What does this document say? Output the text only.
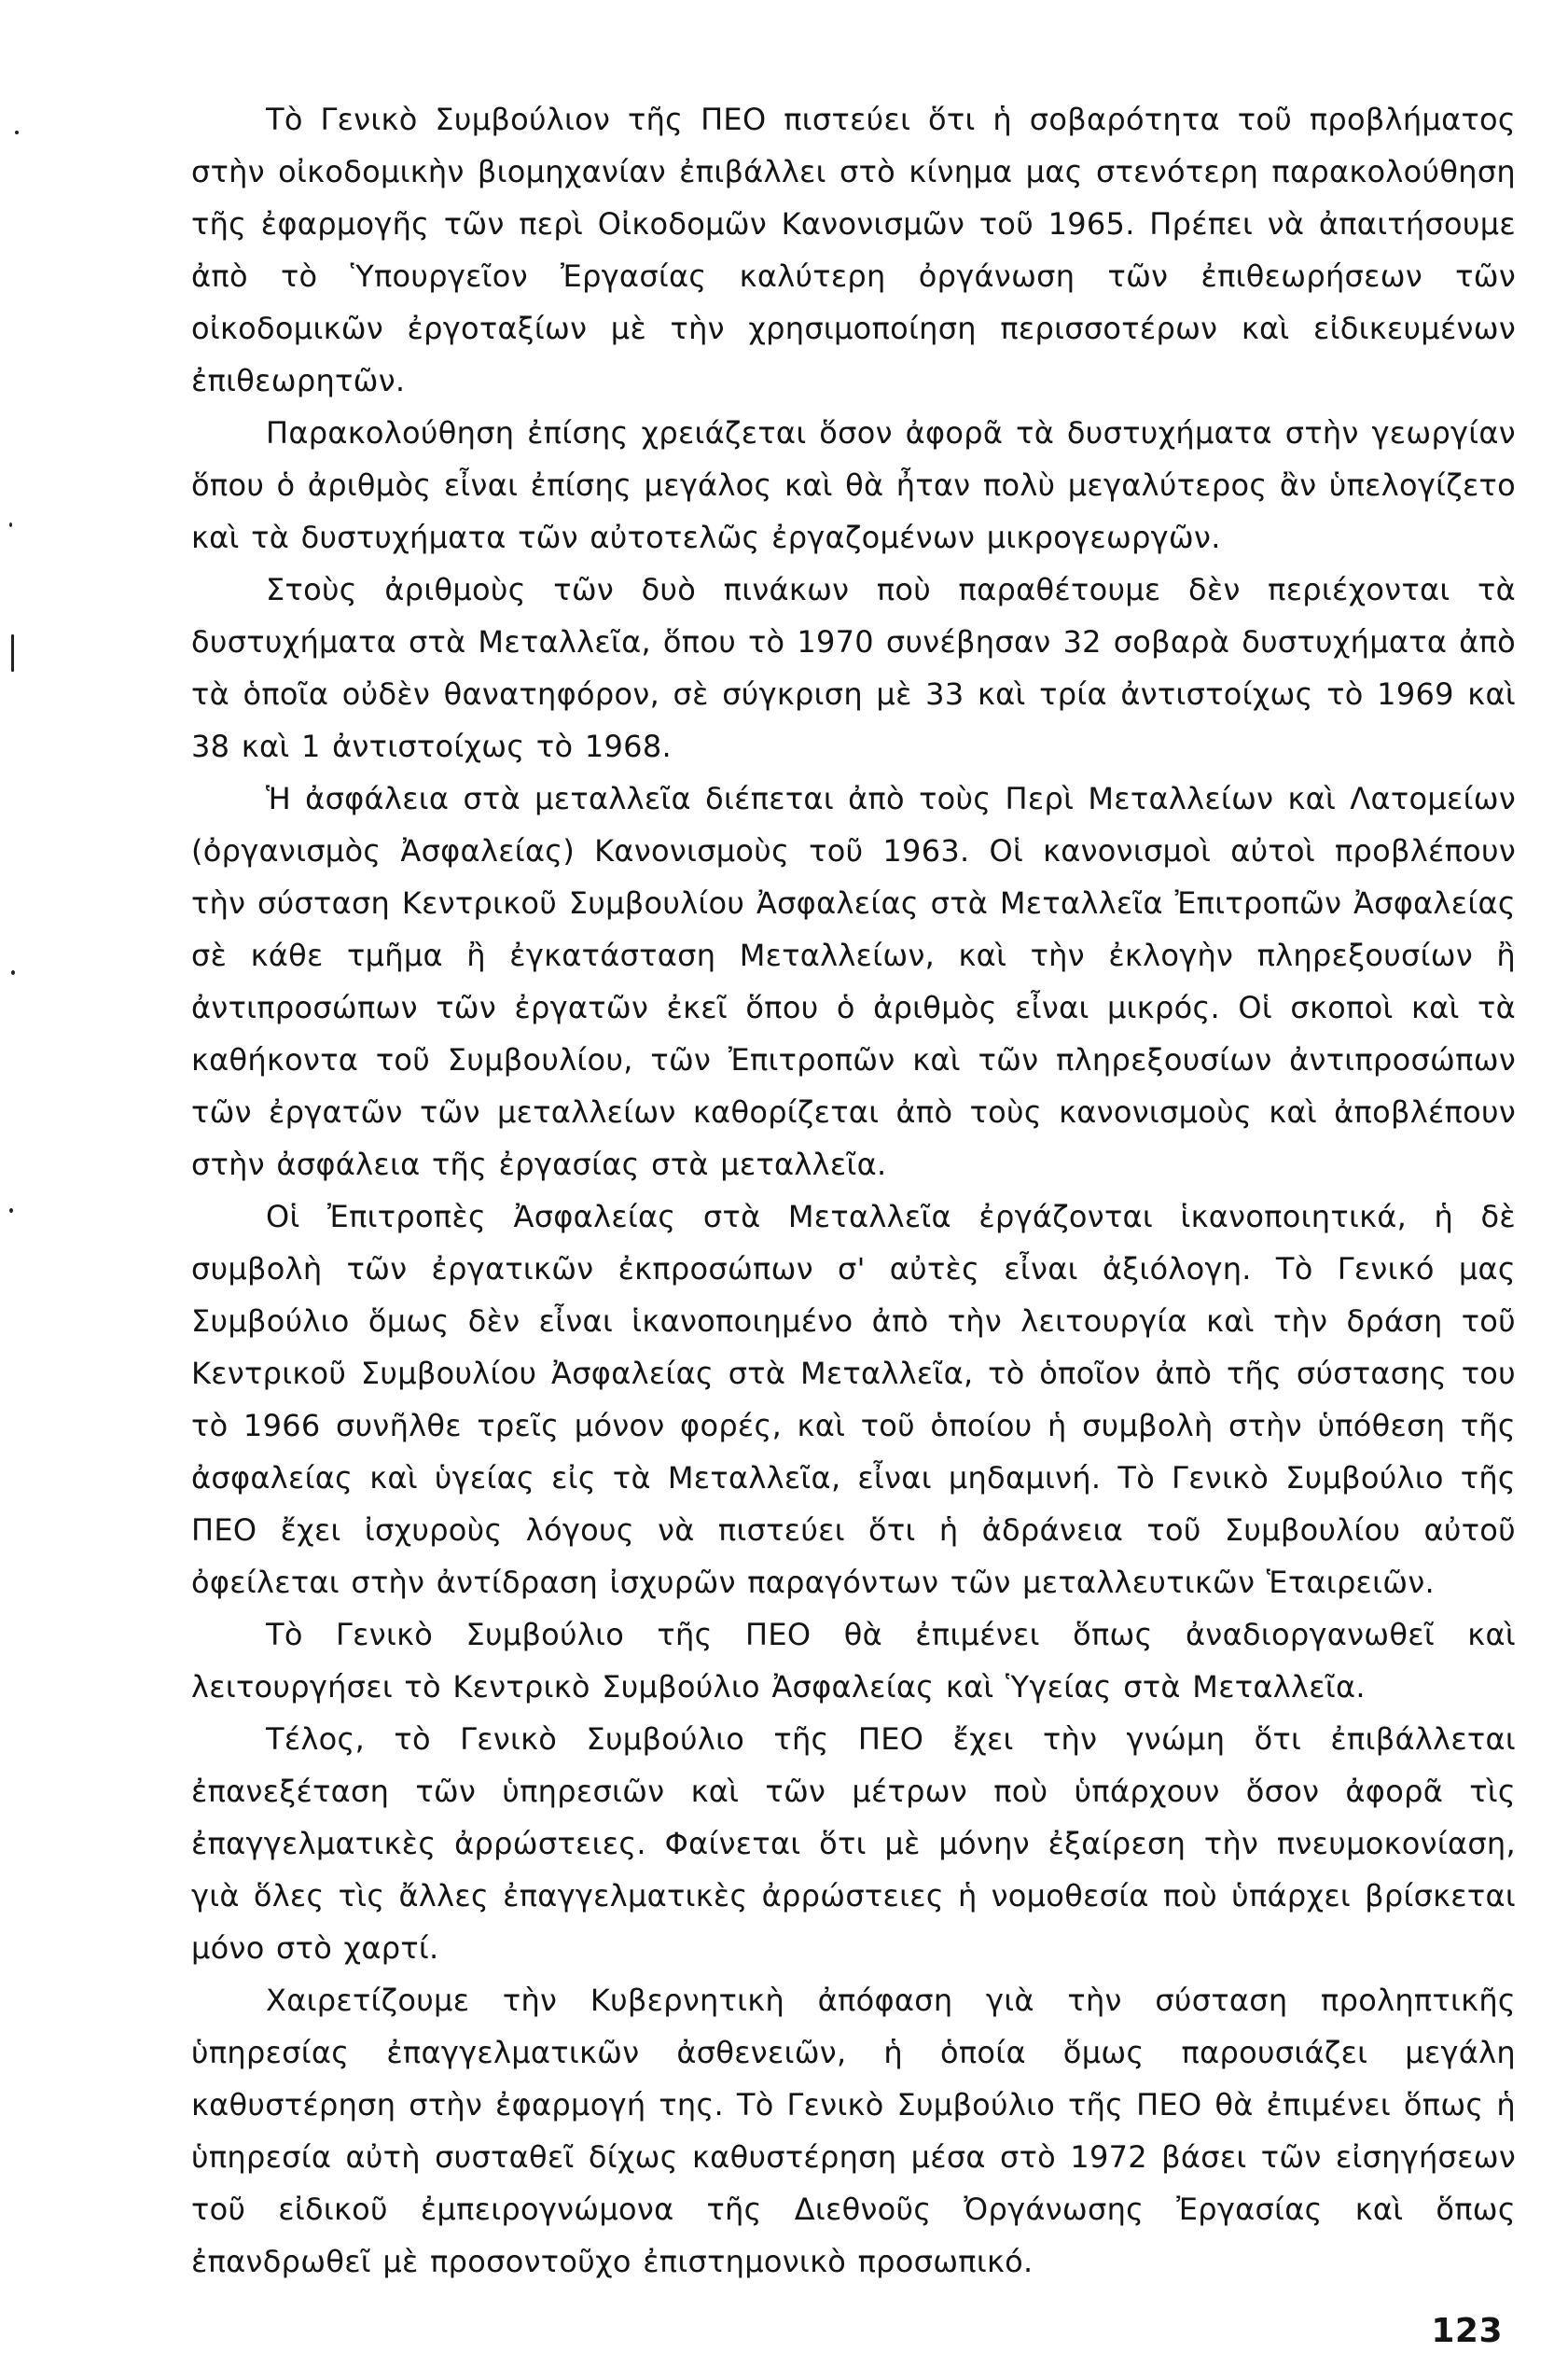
Τὸ Γενικὸ Συμβούλιον τῆς ΠΕΟ πιστεύει ὅτι ἡ σοβαρότητα τοῦ προβλήματος στὴν οἰκοδομικὴν βιομηχανίαν ἐπιβάλλει στὸ κίνημα μας στενότερη παρακολούθηση τῆς ἐφαρμογῆς τῶν περὶ Οἰκοδομῶν Κανονισμῶν τοῦ 1965. Πρέπει νὰ ἀπαιτήσουμε ἀπὸ τὸ Ὑπουργεῖον Ἐργασίας καλύτερη ὀργάνωση τῶν ἐπιθεωρήσεων τῶν οἰκοδομικῶν ἐργοταξίων μὲ τὴν χρησιμοποίηση περισσοτέρων καὶ εἰδικευμένων ἐπιθεωρητῶν.

Παρακολούθηση ἐπίσης χρειάζεται ὅσον ἀφορᾶ τὰ δυστυχήματα στὴν γεωργίαν ὅπου ὁ ἀριθμὸς εἶναι ἐπίσης μεγάλος καὶ θὰ ἦταν πολὺ μεγαλύτερος ἂν ὑπελογίζετο καὶ τὰ δυστυχήματα τῶν αὐτοτελῶς ἐργαζομένων μικρογεωργῶν.

Στοὺς ἀριθμοὺς τῶν δυὸ πινάκων ποὺ παραθέτουμε δὲν περιέχονται τὰ δυστυχήματα στὰ Μεταλλεῖα, ὅπου τὸ 1970 συνέβησαν 32 σοβαρὰ δυστυχήματα ἀπὸ τὰ ὁποῖα οὐδὲν θανατηφόρον, σὲ σύγκριση μὲ 33 καὶ τρία ἀντιστοίχως τὸ 1969 καὶ 38 καὶ 1 ἀντιστοίχως τὸ 1968.

Ἡ ἀσφάλεια στὰ μεταλλεῖα διέπεται ἀπὸ τοὺς Περὶ Μεταλλείων καὶ Λατομείων (ὀργανισμὸς Ἀσφαλείας) Κανονισμοὺς τοῦ 1963. Οἱ κανονισμοὶ αὐτοὶ προβλέπουν τὴν σύσταση Κεντρικοῦ Συμβουλίου Ἀσφαλείας στὰ Μεταλλεῖα Ἐπιτροπῶν Ἀσφαλείας σὲ κάθε τμῆμα ἢ ἐγκατάσταση Μεταλλείων, καὶ τὴν ἐκλογὴν πληρεξουσίων ἢ ἀντιπροσώπων τῶν ἐργατῶν ἐκεῖ ὅπου ὁ ἀριθμὸς εἶναι μικρός. Οἱ σκοποὶ καὶ τὰ καθήκοντα τοῦ Συμβουλίου, τῶν Ἐπιτροπῶν καὶ τῶν πληρεξουσίων ἀντιπροσώπων τῶν ἐργατῶν τῶν μεταλλείων καθορίζεται ἀπὸ τοὺς κανονισμοὺς καὶ ἀποβλέπουν στὴν ἀσφάλεια τῆς ἐργασίας στὰ μεταλλεῖα.

Οἱ Ἐπιτροπὲς Ἀσφαλείας στὰ Μεταλλεῖα ἐργάζονται ἱκανοποιητικά, ἡ δὲ συμβολὴ τῶν ἐργατικῶν ἐκπροσώπων σ' αὐτὲς εἶναι ἀξιόλογη. Τὸ Γενικό μας Συμβούλιο ὅμως δὲν εἶναι ἱκανοποιημένο ἀπὸ τὴν λειτουργία καὶ τὴν δράση τοῦ Κεντρικοῦ Συμβουλίου Ἀσφαλείας στὰ Μεταλλεῖα, τὸ ὁποῖον ἀπὸ τῆς σύστασης του τὸ 1966 συνῆλθε τρεῖς μόνον φορές, καὶ τοῦ ὁποίου ἡ συμβολὴ στὴν ὑπόθεση τῆς ἀσφαλείας καὶ ὑγείας εἰς τὰ Μεταλλεῖα, εἶναι μηδαμινή. Τὸ Γενικὸ Συμβούλιο τῆς ΠΕΟ ἔχει ἰσχυροὺς λόγους νὰ πιστεύει ὅτι ἡ ἀδράνεια τοῦ Συμβουλίου αὐτοῦ ὀφείλεται στὴν ἀντίδραση ἰσχυρῶν παραγόντων τῶν μεταλλευτικῶν Ἑταιρειῶν.

Τὸ Γενικὸ Συμβούλιο τῆς ΠΕΟ θὰ ἐπιμένει ὅπως ἀναδιοργανωθεῖ καὶ λειτουργήσει τὸ Κεντρικὸ Συμβούλιο Ἀσφαλείας καὶ Ὑγείας στὰ Μεταλλεῖα.

Τέλος, τὸ Γενικὸ Συμβούλιο τῆς ΠΕΟ ἔχει τὴν γνώμη ὅτι ἐπιβάλλεται ἐπανεξέταση τῶν ὑπηρεσιῶν καὶ τῶν μέτρων ποὺ ὑπάρχουν ὅσον ἀφορᾶ τὶς ἐπαγγελματικὲς ἀρρώστειες. Φαίνεται ὅτι μὲ μόνην ἐξαίρεση τὴν πνευμοκονίαση, γιὰ ὅλες τὶς ἄλλες ἐπαγγελματικὲς ἀρρώστειες ἡ νομοθεσία ποὺ ὑπάρχει βρίσκεται μόνο στὸ χαρτί.

Χαιρετίζουμε τὴν Κυβερνητικὴ ἀπόφαση γιὰ τὴν σύσταση προληπτικῆς ὑπηρεσίας ἐπαγγελματικῶν ἀσθενειῶν, ἡ ὁποία ὅμως παρουσιάζει μεγάλη καθυστέρηση στὴν ἐφαρμογή της. Τὸ Γενικὸ Συμβούλιο τῆς ΠΕΟ θὰ ἐπιμένει ὅπως ἡ ὑπηρεσία αὐτὴ συσταθεῖ δίχως καθυστέρηση μέσα στὸ 1972 βάσει τῶν εἰσηγήσεων τοῦ εἰδικοῦ ἐμπειρογνώμονα τῆς Διεθνοῦς Ὀργάνωσης Ἐργασίας καὶ ὅπως ἐπανδρωθεῖ μὲ προσοντοῦχο ἐπιστημονικὸ προσωπικό.

123
